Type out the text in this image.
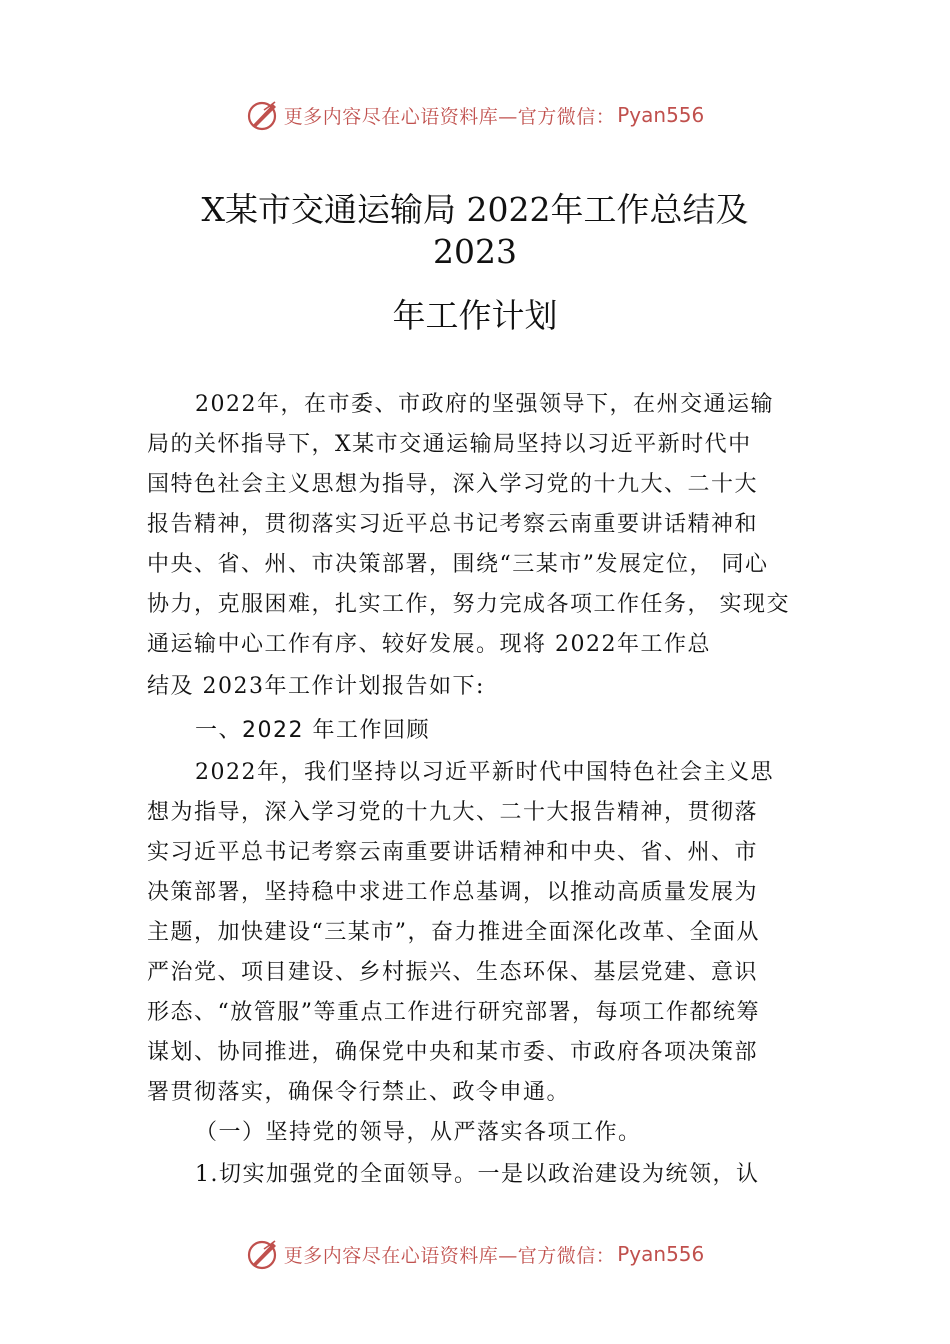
更多内容尽在心语资料库—官方微信： Pyan556
X某市交通运输局 2022年工作总结及
2023
年工作计划
2022年，在市委、市政府的坚强领导下，在州交通运输
局的关怀指导下，X某市交通运输局坚持以习近平新时代中
国特色社会主义思想为指导，深入学习党的十九大、二十大
报告精神，贯彻落实习近平总书记考察云南重要讲话精神和
中央、省、州、市决策部署，围绕“三某市”发展定位， 同心
协力，克服困难，扎实工作，努力完成各项工作任务， 实现交
通运输中心工作有序、较好发展。现将 2022年工作总
结及 2023年工作计划报告如下:
一、2022 年工作回顾
2022年，我们坚持以习近平新时代中国特色社会主义思
想为指导，深入学习党的十九大、二十大报告精神，贯彻落
实习近平总书记考察云南重要讲话精神和中央、省、州、市
决策部署，坚持稳中求进工作总基调，以推动高质量发展为
主题，加快建设“三某市”，奋力推进全面深化改革、全面从
严治党、项目建设、乡村振兴、生态环保、基层党建、意识
形态、“放管服”等重点工作进行研究部署，每项工作都统筹
谋划、协同推进，确保党中央和某市委、市政府各项决策部
署贯彻落实，确保令行禁止、政令申通。
（一）坚持党的领导，从严落实各项工作。
1.切实加强党的全面领导。一是以政治建设为统领，认
更多内容尽在心语资料库—官方微信： Pyan556
